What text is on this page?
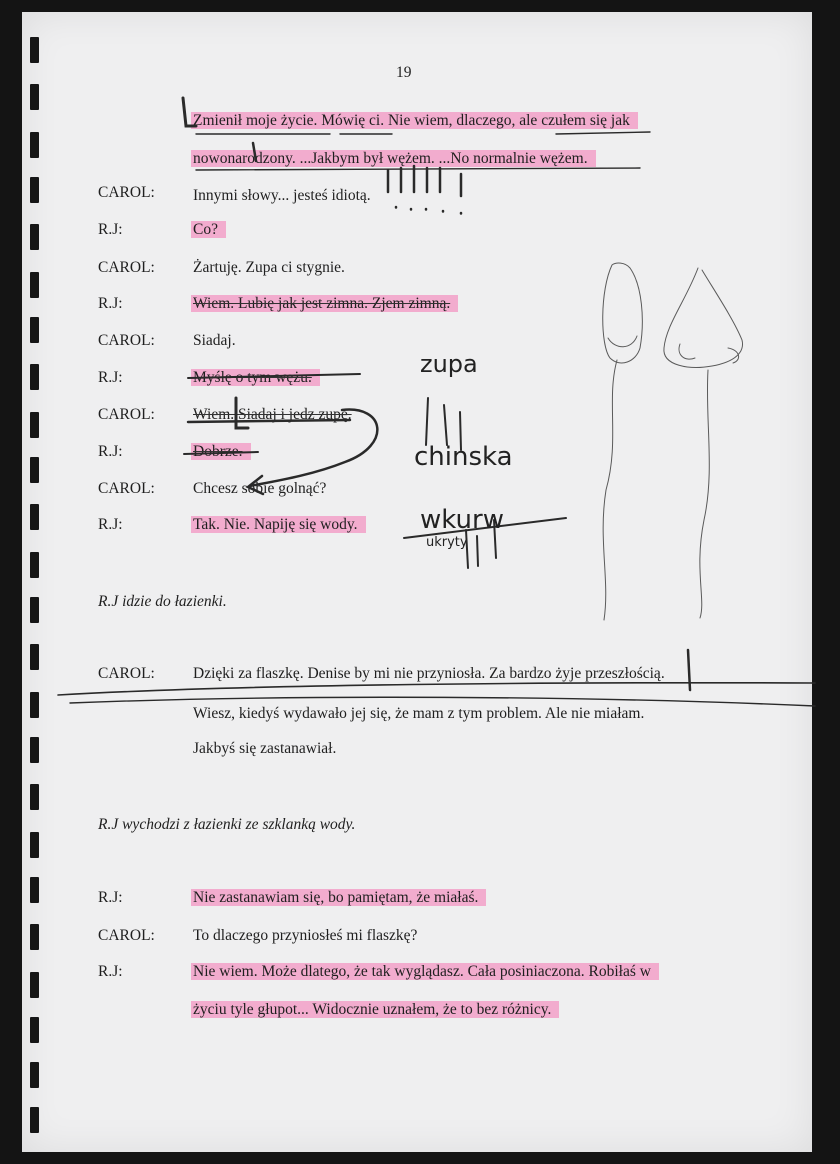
19
Zmienił moje życie. Mówię ci. Nie wiem, dlaczego, ale czułem się jak
nowonarodzony. ...Jakbym był wężem. ...No normalnie wężem.
CAROL: Innymi słowy... jesteś idiotą.
R.J:	Co?
CAROL: Żartuję. Zupa ci stygnie.
R.J:	Wiem. Lubię jak jest zimna. Zjem zimną.
CAROL: Siadaj.
R.J:	Myślę o tym wężu.
CAROL: Wiem. Siadaj i jedz zupę.
R.J:	Dobrze.
CAROL: Chcesz sobie golnąć?
R.J:	Tak. Nie. Napiję się wody.
R.J idzie do łazienki.
CAROL: Dzięki za flaszkę. Denise by mi nie przyniosła. Za bardzo żyje przeszłością.
Wiesz, kiedyś wydawało jej się, że mam z tym problem. Ale nie miałam.
Jakbyś się zastanawiał.
R.J wychodzi z łazienki ze szklanką wody.
R.J:	Nie zastanawiam się, bo pamiętam, że miałaś.
CAROL: To dlaczego przyniosłeś mi flaszkę?
R.J:	Nie wiem. Może dlatego, że tak wyglądasz. Cała posiniaczona. Robiłaś w
życiu tyle głupot... Widocznie uznałem, że to bez różnicy.
zupa
chinska
wkurw
ukryty
